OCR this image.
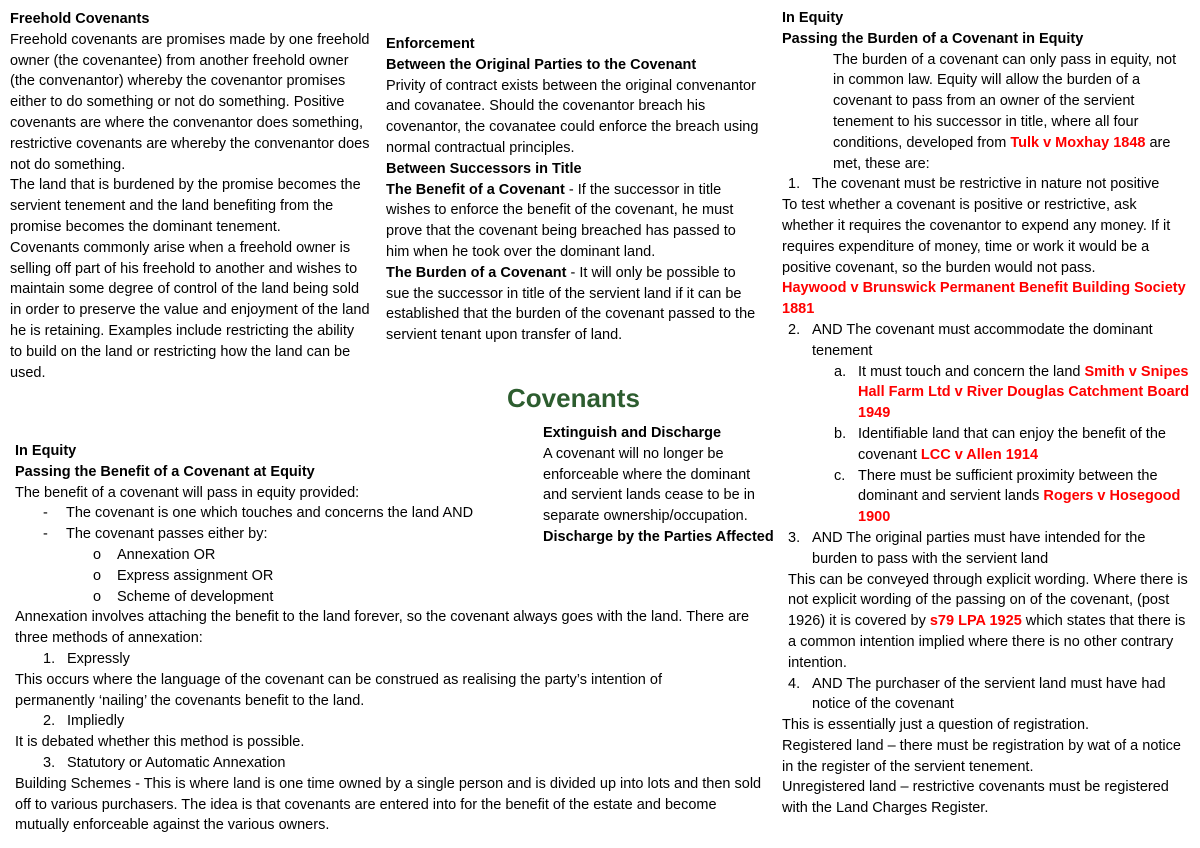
Freehold Covenants
Freehold covenants are promises made by one freehold owner (the covenantee) from another freehold owner (the convenantor) whereby the covenantor promises either to do something or not do something. Positive covenants are where the convenantor does something, restrictive covenants are whereby the convenantor does not do something.
The land that is burdened by the promise becomes the servient tenement and the land benefiting from the promise becomes the dominant tenement.
Covenants commonly arise when a freehold owner is selling off part of his freehold to another and wishes to maintain some degree of control of the land being sold in order to preserve the value and enjoyment of the land he is retaining. Examples include restricting the ability to build on the land or restricting how the land can be used.
Enforcement
Between the Original Parties to the Covenant
Privity of contract exists between the original convenantor and covanatee. Should the covenantor breach his covenantor, the covanatee could enforce the breach using normal contractual principles.
Between Successors in Title
The Benefit of a Covenant - If the successor in title wishes to enforce the benefit of the covenant, he must prove that the covenant being breached has passed to him when he took over the dominant land.
The Burden of a Covenant - It will only be possible to sue the successor in title of the servient land if it can be established that the burden of the covenant passed to the servient tenant upon transfer of land.
Covenants
Extinguish and Discharge
A covenant will no longer be enforceable where the dominant and servient lands cease to be in separate ownership/occupation.
Discharge by the Parties Affected
In Equity
Passing the Benefit of a Covenant at Equity
The benefit of a covenant will pass in equity provided:
- The covenant is one which touches and concerns the land AND
- The covenant passes either by:
o Annexation OR
o Express assignment OR
o Scheme of development
Annexation involves attaching the benefit to the land forever, so the covenant always goes with the land. There are three methods of annexation:
1. Expressly
This occurs where the language of the covenant can be construed as realising the party’s intention of permanently ‘nailing’ the covenants benefit to the land.
2. Impliedly
It is debated whether this method is possible.
3. Statutory or Automatic Annexation
Building Schemes - This is where land is one time owned by a single person and is divided up into lots and then sold off to various purchasers. The idea is that covenants are entered into for the benefit of the estate and become mutually enforceable against the various owners.
In Equity
Passing the Burden of a Covenant in Equity
The burden of a covenant can only pass in equity, not in common law. Equity will allow the burden of a covenant to pass from an owner of the servient tenement to his successor in title, where all four conditions, developed from Tulk v Moxhay 1848 are met, these are:
1. The covenant must be restrictive in nature not positive
To test whether a covenant is positive or restrictive, ask whether it requires the covenantor to expend any money. If it requires expenditure of money, time or work it would be a positive covenant, so the burden would not pass.
Haywood v Brunswick Permanent Benefit Building Society 1881
2. AND The covenant must accommodate the dominant tenement
a. It must touch and concern the land Smith v Snipes Hall Farm Ltd v River Douglas Catchment Board 1949
b. Identifiable land that can enjoy the benefit of the covenant LCC v Allen 1914
c. There must be sufficient proximity between the dominant and servient lands Rogers v Hosegood 1900
3. AND The original parties must have intended for the burden to pass with the servient land
This can be conveyed through explicit wording. Where there is not explicit wording of the passing on of the covenant, (post 1926) it is covered by s79 LPA 1925 which states that there is a common intention implied where there is no other contrary intention.
4. AND The purchaser of the servient land must have had notice of the covenant
This is essentially just a question of registration.
Registered land – there must be registration by wat of a notice in the register of the servient tenement.
Unregistered land – restrictive covenants must be registered with the Land Charges Register.
